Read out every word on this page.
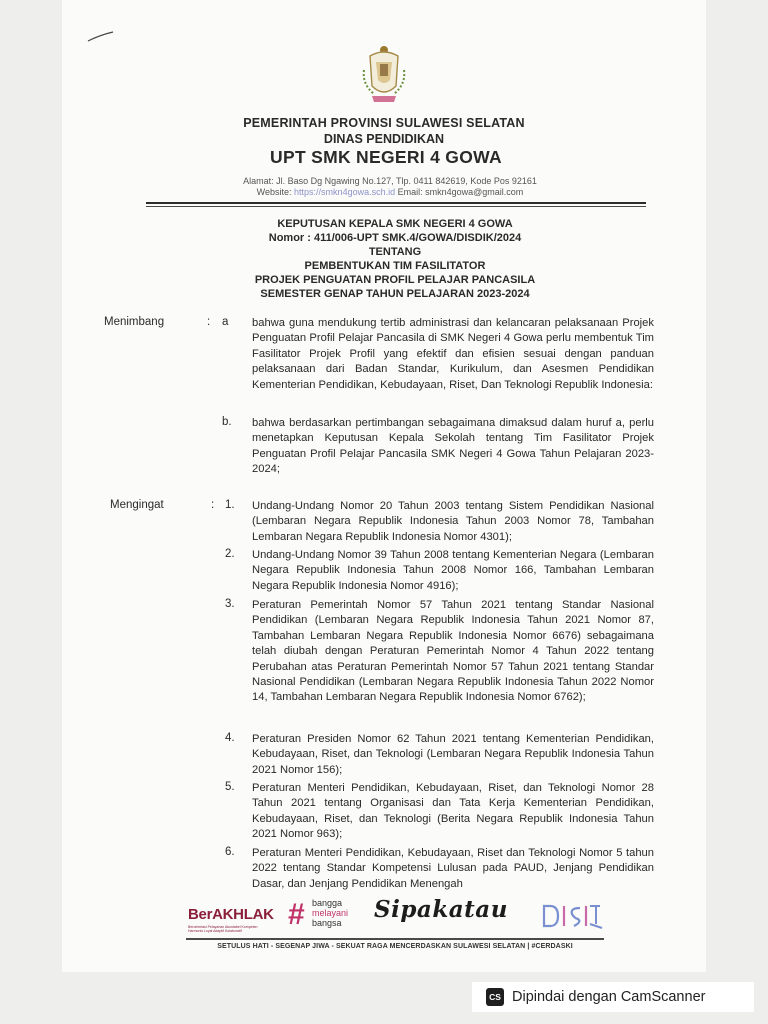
PEMERINTAH PROVINSI SULAWESI SELATAN
DINAS PENDIDIKAN
UPT SMK NEGERI 4 GOWA
Alamat: Jl. Baso Dg Ngawing No.127, Tlp. 0411 842619, Kode Pos 92161
Website: https://smkn4gowa.sch.id Email: smkn4gowa@gmail.com
KEPUTUSAN KEPALA SMK NEGERI 4 GOWA
Nomor : 411/006-UPT SMK.4/GOWA/DISDIK/2024
TENTANG
PEMBENTUKAN TIM FASILITATOR
PROJEK PENGUATAN PROFIL PELAJAR PANCASILA
SEMESTER GENAP TAHUN PELAJARAN 2023-2024
Menimbang	: a bahwa guna mendukung tertib administrasi dan kelancaran pelaksanaan Projek Penguatan Profil Pelajar Pancasila di SMK Negeri 4 Gowa perlu membentuk Tim Fasilitator Projek Profil yang efektif dan efisien sesuai dengan panduan pelaksanaan dari Badan Standar, Kurikulum, dan Asesmen Pendidikan Kementerian Pendidikan, Kebudayaan, Riset, Dan Teknologi Republik Indonesia:

b. bahwa berdasarkan pertimbangan sebagaimana dimaksud dalam huruf a, perlu menetapkan Keputusan Kepala Sekolah tentang Tim Fasilitator Projek Penguatan Profil Pelajar Pancasila SMK Negeri 4 Gowa Tahun Pelajaran 2023-2024;

Mengingat	: 1. Undang-Undang Nomor 20 Tahun 2003 tentang Sistem Pendidikan Nasional (Lembaran Negara Republik Indonesia Tahun 2003 Nomor 78, Tambahan Lembaran Negara Republik Indonesia Nomor 4301);

2. Undang-Undang Nomor 39 Tahun 2008 tentang Kementerian Negara (Lembaran Negara Republik Indonesia Tahun 2008 Nomor 166, Tambahan Lembaran Negara Republik Indonesia Nomor 4916);

3. Peraturan Pemerintah Nomor 57 Tahun 2021 tentang Standar Nasional Pendidikan (Lembaran Negara Republik Indonesia Tahun 2021 Nomor 87, Tambahan Lembaran Negara Republik Indonesia Nomor 6676) sebagaimana telah diubah dengan Peraturan Pemerintah Nomor 4 Tahun 2022 tentang Perubahan atas Peraturan Pemerintah Nomor 57 Tahun 2021 tentang Standar Nasional Pendidikan (Lembaran Negara Republik Indonesia Tahun 2022 Nomor 14, Tambahan Lembaran Negara Republik Indonesia Nomor 6762);

4. Peraturan Presiden Nomor 62 Tahun 2021 tentang Kementerian Pendidikan, Kebudayaan, Riset, dan Teknologi (Lembaran Negara Republik Indonesia Tahun 2021 Nomor 156);

5. Peraturan Menteri Pendidikan, Kebudayaan, Riset, dan Teknologi Nomor 28 Tahun 2021 tentang Organisasi dan Tata Kerja Kementerian Pendidikan, Kebudayaan, Riset, dan Teknologi (Berita Negara Republik Indonesia Tahun 2021 Nomor 963);

6. Peraturan Menteri Pendidikan, Kebudayaan, Riset dan Teknologi Nomor 5 tahun 2022 tentang Standar Kompetensi Lulusan pada PAUD, Jenjang Pendidikan Dasar, dan Jenjang Pendidikan Menengah

BerAKHLAK
Berorientasi Pelayanan Akuntabel Kompeten Harmonis Loyal Adaptif Kolaboratif	# bangga
melayani
bangsa Sipakatau
SETULUS HATI - SEGENAP JIWA - SEKUAT RAGA MENCERDASKAN SULAWESI SELATAN | #CERDASKI
CS Dipindai dengan CamScanner
